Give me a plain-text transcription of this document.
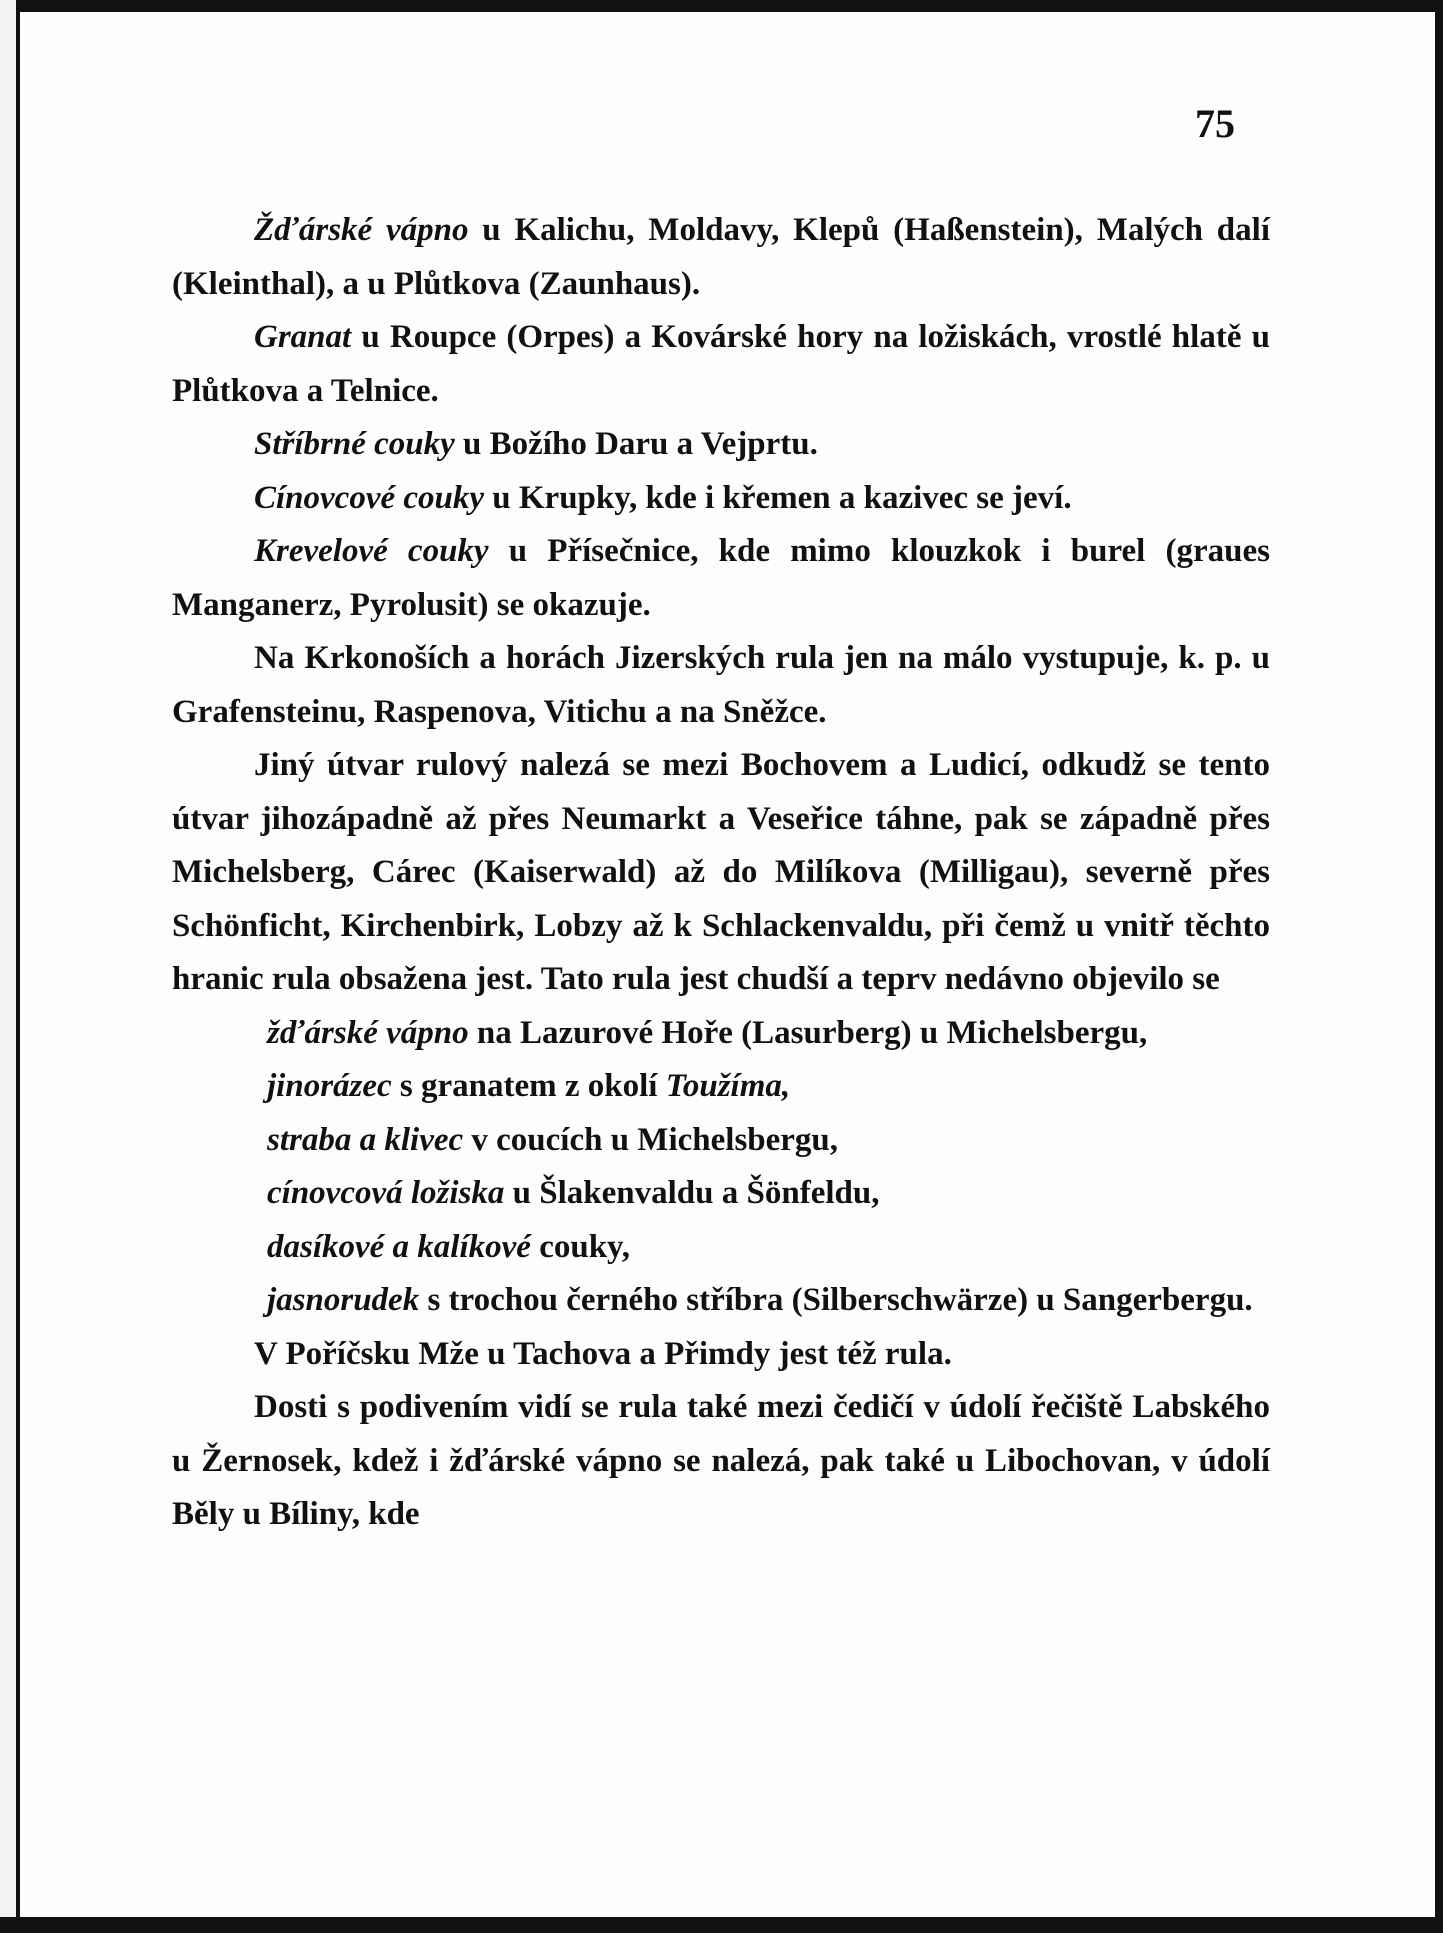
75

Žďárské vápno u Kalichu, Moldavy, Klepů (Haßenstein), Malých dalí (Kleinthal), a u Plůtkova (Zaunhaus).

Granat u Roupce (Orpes) a Kovárské hory na ložiskách, vrostlé hlatě u Plůtkova a Telnice.

Stříbrné couky u Božího Daru a Vejprtu.

Cínovcové couky u Krupky, kde i křemen a kazivec se jeví.

Krevelové couky u Přísečnice, kde mimo klouzkok i burel (graues Manganerz, Pyrolusit) se okazuje.

Na Krkonoších a horách Jizerských rula jen na málo vystupuje, k. p. u Grafensteinu, Raspenova, Vitichu a na Sněžce.

Jiný útvar rulový nalezá se mezi Bochovem a Ludicí, odkudž se tento útvar jihozápadně až přes Neumarkt a Veseřice táhne, pak se západně přes Michelsberg, Cárec (Kaiserwald) až do Milíkova (Milligau), severně přes Schönficht, Kirchenbirk, Lobzy až k Schlackenvaldu, při čemž u vnitř těchto hranic rula obsažena jest. Tato rula jest chudší a teprv nedávno objevilo se

žďárské vápno na Lazurové Hoře (Lasurberg) u Michelsbergu,

jinorázec s granatem z okolí Toužíma,

straba a klivec v coucích u Michelsbergu,

cínovcová ložiska u Šlakenvaldu a Šönfeldu,

dasíkové a kalíkové couky,

jasnorudek s trochou černého stříbra (Silberschwärze) u Sangerbergu.

V Poříčsku Mže u Tachova a Přimdy jest též rula.

Dosti s podivením vidí se rula také mezi čedičí v údolí řečiště Labského u Žernosek, kdež i žďárské vápno se nalezá, pak také u Libochovan, v údolí Běly u Bíliny, kde
